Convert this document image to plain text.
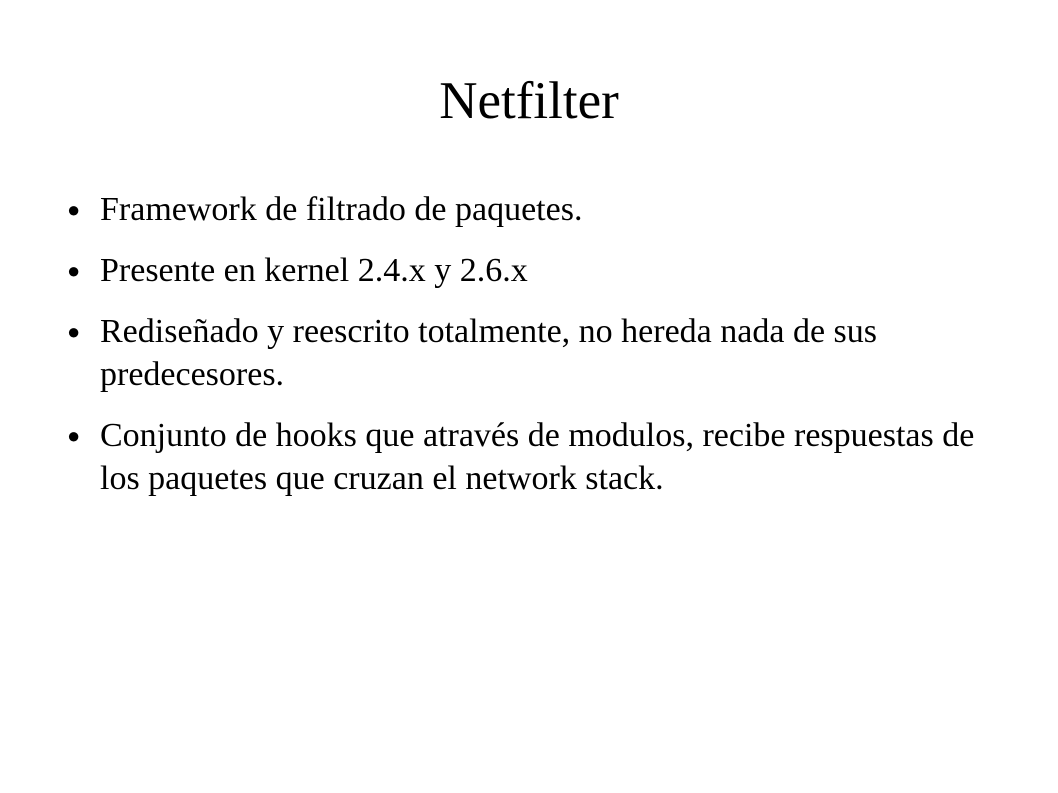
Netfilter
● Framework de filtrado de paquetes.
● Presente en kernel 2.4.x y 2.6.x
● Rediseñado y reescrito totalmente, no hereda nada de sus predecesores.
● Conjunto de hooks que através de modulos, recibe respuestas de los paquetes que cruzan el network stack.
